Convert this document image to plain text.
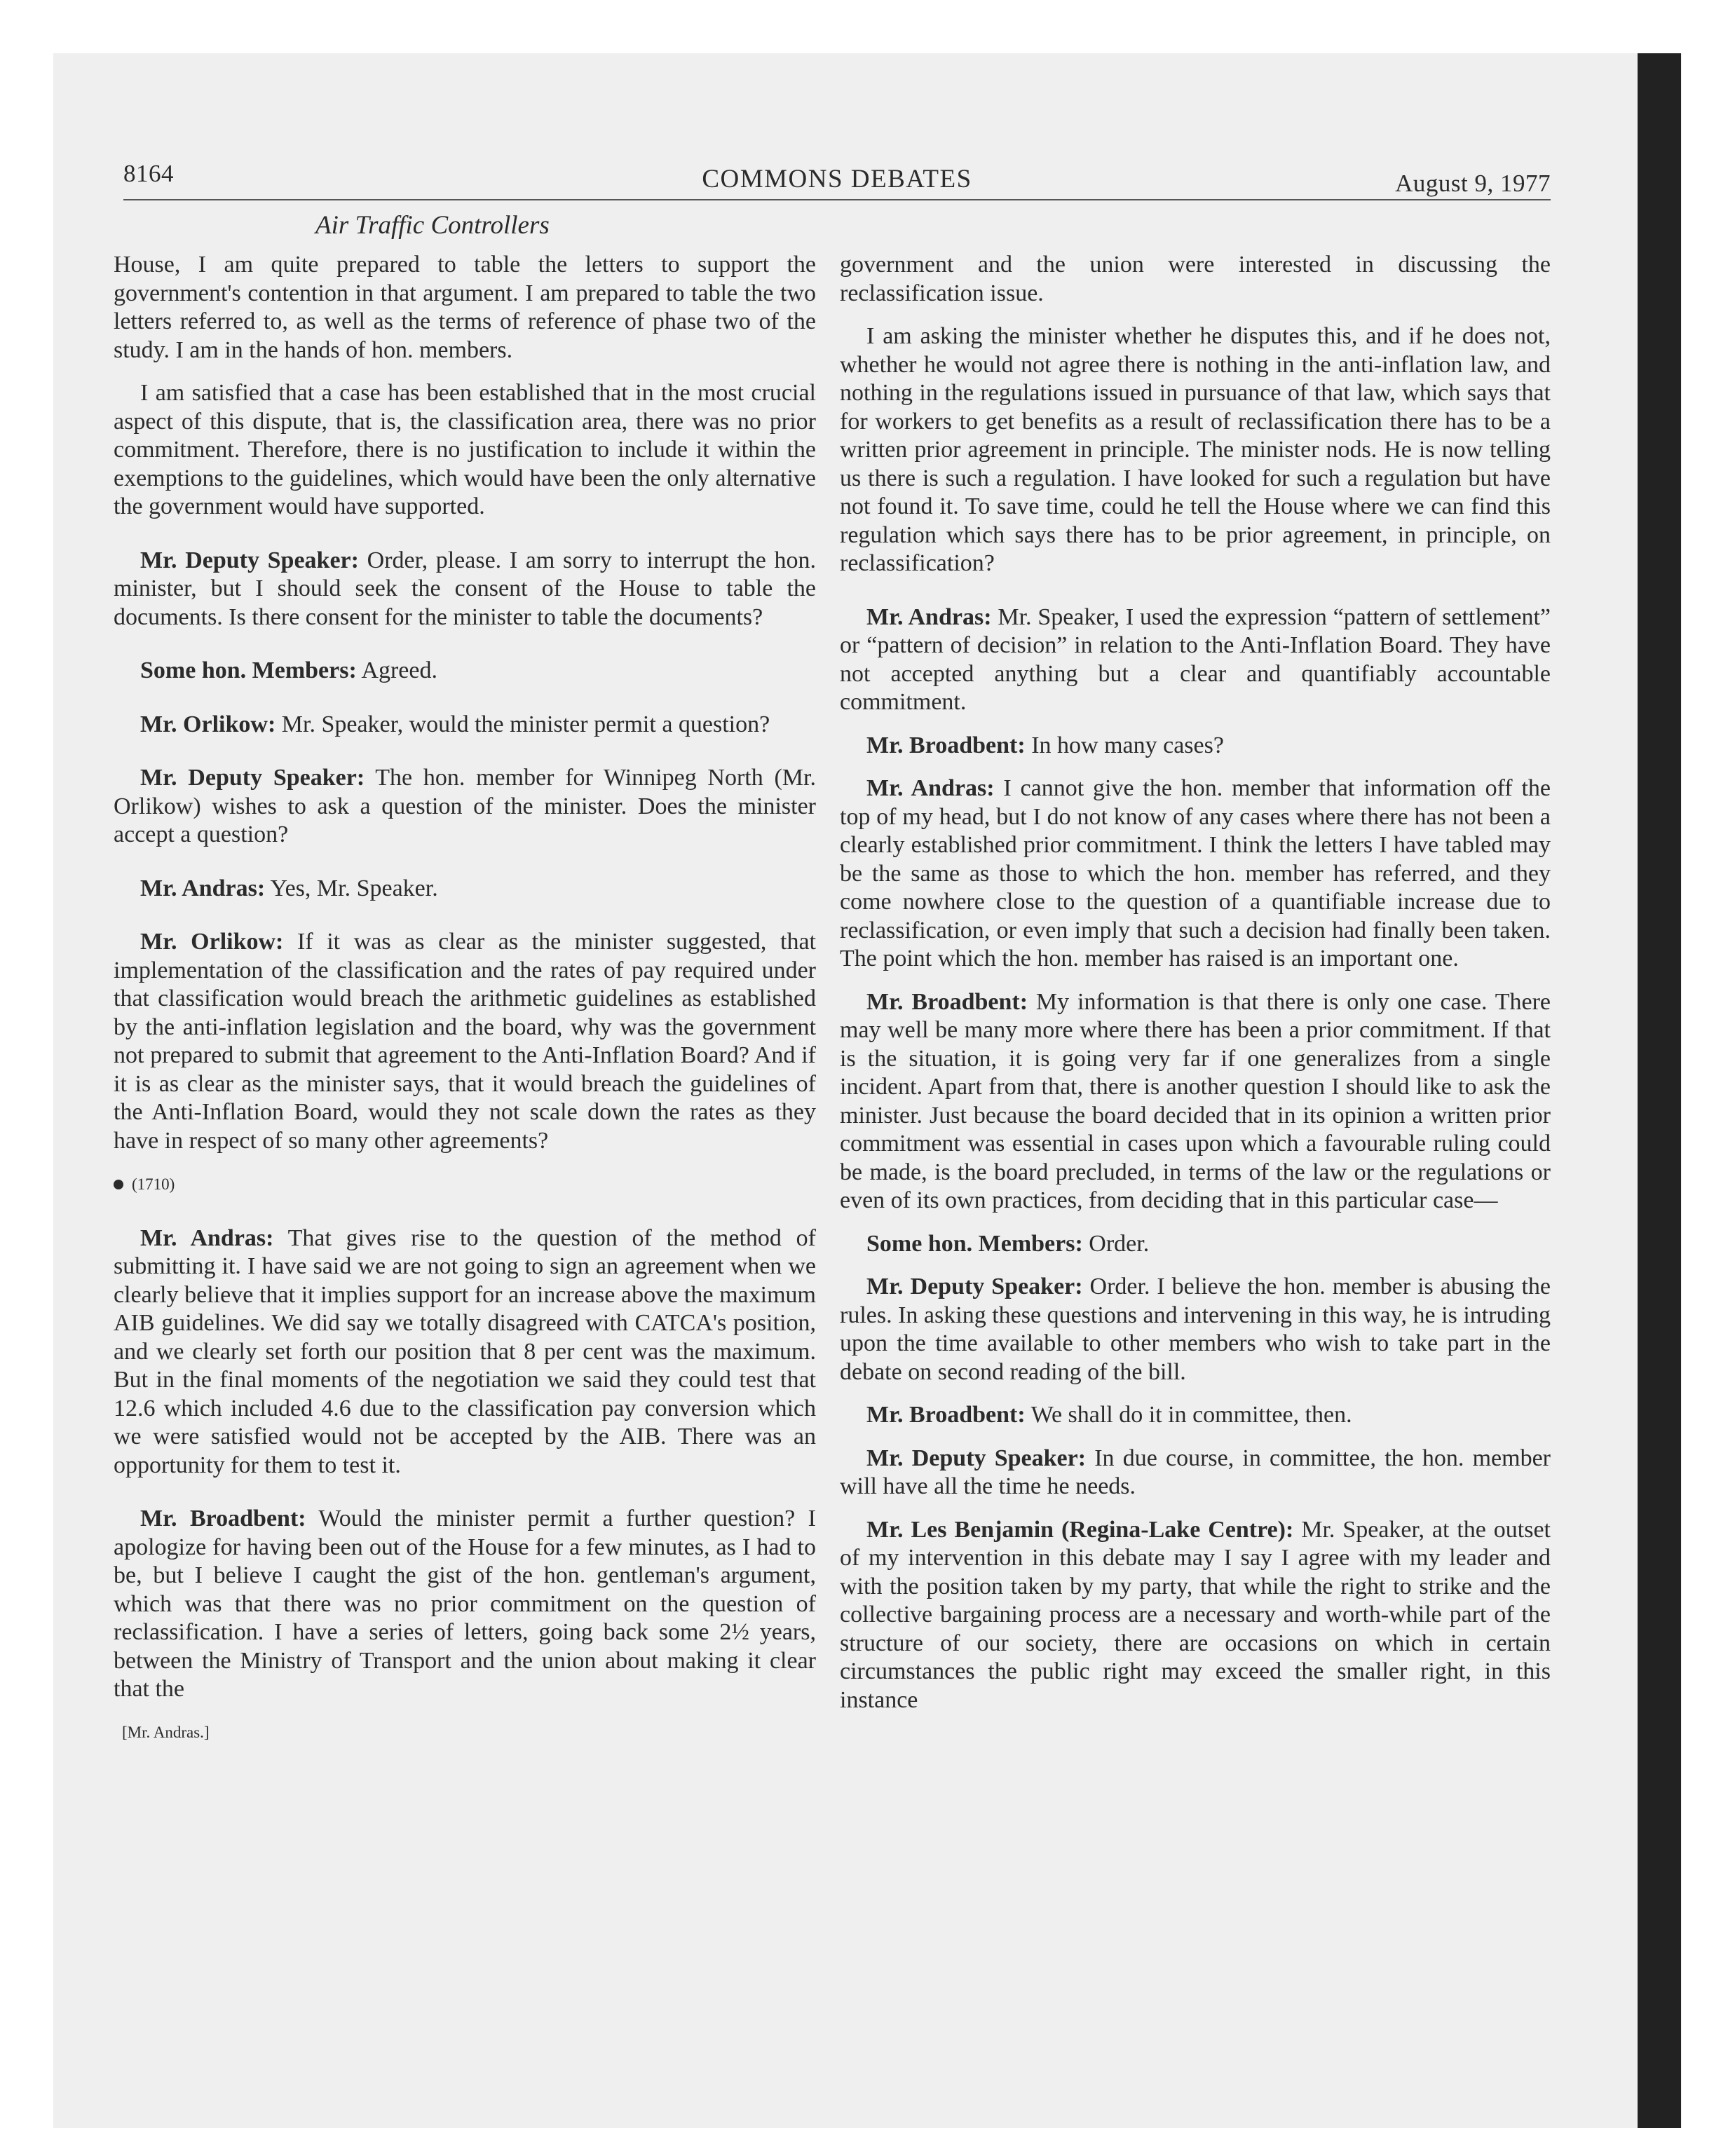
8164	COMMONS DEBATES	August 9, 1977
Air Traffic Controllers

House, I am quite prepared to table the letters to support the government's contention in that argument. I am prepared to table the two letters referred to, as well as the terms of reference of phase two of the study. I am in the hands of hon. members.

I am satisfied that a case has been established that in the most crucial aspect of this dispute, that is, the classification area, there was no prior commitment. Therefore, there is no justification to include it within the exemptions to the guidelines, which would have been the only alternative the government would have supported.

Mr. Deputy Speaker: Order, please. I am sorry to interrupt the hon. minister, but I should seek the consent of the House to table the documents. Is there consent for the minister to table the documents?

Some hon. Members: Agreed.

Mr. Orlikow: Mr. Speaker, would the minister permit a question?

Mr. Deputy Speaker: The hon. member for Winnipeg North (Mr. Orlikow) wishes to ask a question of the minister. Does the minister accept a question?

Mr. Andras: Yes, Mr. Speaker.

Mr. Orlikow: If it was as clear as the minister suggested, that implementation of the classification and the rates of pay required under that classification would breach the arithmetic guidelines as established by the anti-inflation legislation and the board, why was the government not prepared to submit that agreement to the Anti-Inflation Board? And if it is as clear as the minister says, that it would breach the guidelines of the Anti-Inflation Board, would they not scale down the rates as they have in respect of so many other agreements?

(1710)

Mr. Andras: That gives rise to the question of the method of submitting it. I have said we are not going to sign an agreement when we clearly believe that it implies support for an increase above the maximum AIB guidelines. We did say we totally disagreed with CATCA's position, and we clearly set forth our position that 8 per cent was the maximum. But in the final moments of the negotiation we said they could test that 12.6 which included 4.6 due to the classification pay conversion which we were satisfied would not be accepted by the AIB. There was an opportunity for them to test it.

Mr. Broadbent: Would the minister permit a further question? I apologize for having been out of the House for a few minutes, as I had to be, but I believe I caught the gist of the hon. gentleman's argument, which was that there was no prior commitment on the question of reclassification. I have a series of letters, going back some 2½ years, between the Ministry of Transport and the union about making it clear that the

[Mr. Andras.]

government and the union were interested in discussing the reclassification issue.

I am asking the minister whether he disputes this, and if he does not, whether he would not agree there is nothing in the anti-inflation law, and nothing in the regulations issued in pursuance of that law, which says that for workers to get benefits as a result of reclassification there has to be a written prior agreement in principle. The minister nods. He is now telling us there is such a regulation. I have looked for such a regulation but have not found it. To save time, could he tell the House where we can find this regulation which says there has to be prior agreement, in principle, on reclassification?

Mr. Andras: Mr. Speaker, I used the expression “pattern of settlement” or “pattern of decision” in relation to the Anti-Inflation Board. They have not accepted anything but a clear and quantifiably accountable commitment.

Mr. Broadbent: In how many cases?

Mr. Andras: I cannot give the hon. member that information off the top of my head, but I do not know of any cases where there has not been a clearly established prior commitment. I think the letters I have tabled may be the same as those to which the hon. member has referred, and they come nowhere close to the question of a quantifiable increase due to reclassification, or even imply that such a decision had finally been taken. The point which the hon. member has raised is an important one.

Mr. Broadbent: My information is that there is only one case. There may well be many more where there has been a prior commitment. If that is the situation, it is going very far if one generalizes from a single incident. Apart from that, there is another question I should like to ask the minister. Just because the board decided that in its opinion a written prior commitment was essential in cases upon which a favourable ruling could be made, is the board precluded, in terms of the law or the regulations or even of its own practices, from deciding that in this particular case—

Some hon. Members: Order.

Mr. Deputy Speaker: Order. I believe the hon. member is abusing the rules. In asking these questions and intervening in this way, he is intruding upon the time available to other members who wish to take part in the debate on second reading of the bill.

Mr. Broadbent: We shall do it in committee, then.

Mr. Deputy Speaker: In due course, in committee, the hon. member will have all the time he needs.

Mr. Les Benjamin (Regina-Lake Centre): Mr. Speaker, at the outset of my intervention in this debate may I say I agree with my leader and with the position taken by my party, that while the right to strike and the collective bargaining process are a necessary and worth-while part of the structure of our society, there are occasions on which in certain circumstances the public right may exceed the smaller right, in this instance
